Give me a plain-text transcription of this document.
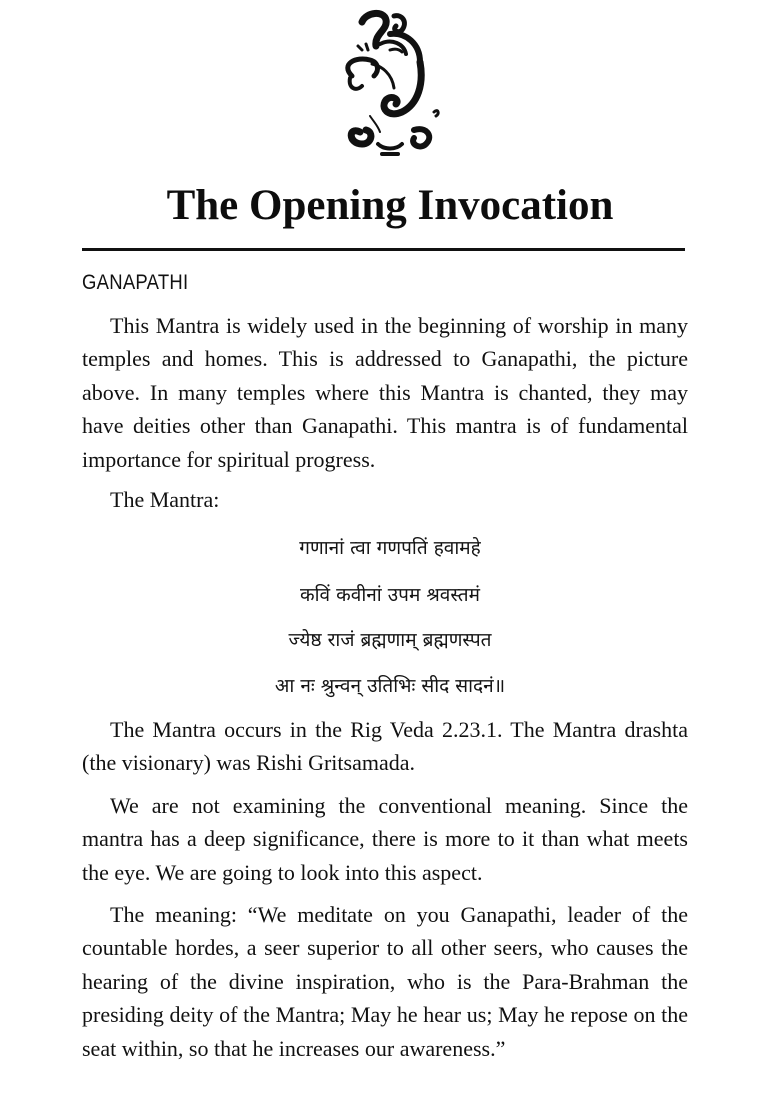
The Opening Invocation
GANAPATHI
This Mantra is widely used in the beginning of worship in many temples and homes. This is addressed to Ganapathi, the picture above. In many temples where this Mantra is chanted, they may have deities other than Ganapathi. This mantra is of fundamental importance for spiritual progress.
The Mantra:
गणानां त्वा गणपतिं हवामहे
कविं कवीनां उपम श्रवस्तमं
ज्येष्ठ राजं ब्रह्मणाम् ब्रह्मणस्पत
आ नः श्रुन्वन् उतिभिः सीद सादनं॥
The Mantra occurs in the Rig Veda 2.23.1. The Mantra drashta (the visionary) was Rishi Gritsamada.
We are not examining the conventional meaning. Since the mantra has a deep significance, there is more to it than what meets the eye. We are going to look into this aspect.
The meaning: “We meditate on you Ganapathi, leader of the countable hordes, a seer superior to all other seers, who causes the hearing of the divine inspiration, who is the Para-Brahman the presiding deity of the Mantra; May he hear us; May he repose on the seat within, so that he increases our awareness.”
